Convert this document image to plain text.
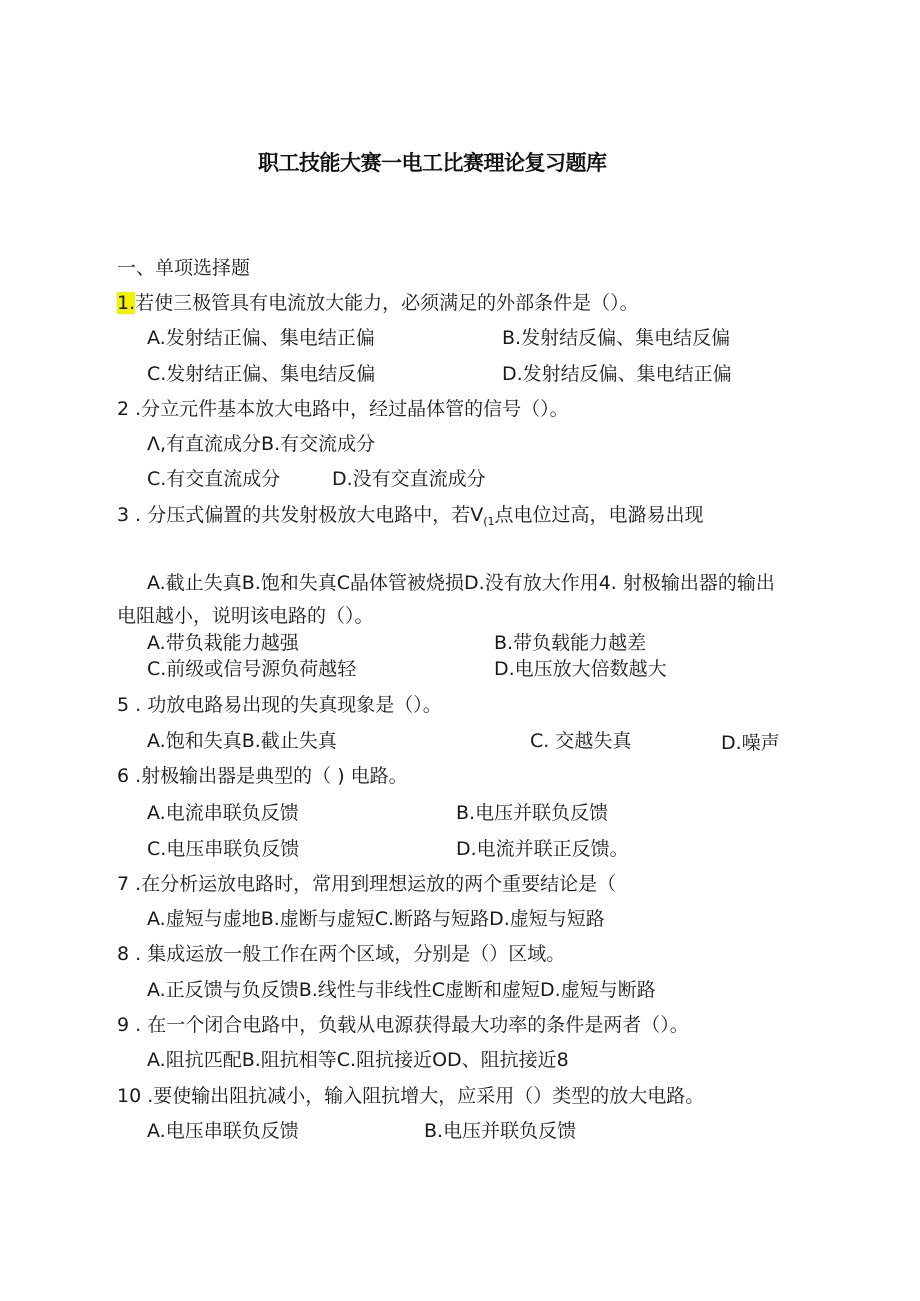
职工技能大赛一电工比赛理论复习题库
一、单项选择题
1.若使三极管具有电流放大能力，必须满足的外部条件是（）。
A.发射结正偏、集电结正偏	B.发射结反偏、集电结反偏
C.发射结正偏、集电结反偏	D.发射结反偏、集电结正偏
2 .分立元件基本放大电路中，经过晶体管的信号（）。
Λ,有直流成分B.有交流成分
C.有交直流成分	D.没有交直流成分
3 . 分压式偏置的共发射极放大电路中，若$V_{(1}$点电位过高，电潞易出现
A.截止失真B.饱和失真C晶体管被烧损D.没有放大作用4. 射极输出器的输出
电阻越小，说明该电路的（）。
A.带负栽能力越强	B.带负载能力越差
C.前级或信号源负荷越轻	D.电压放大倍数越大
5 . 功放电路易出现的失真现象是（）。
A.饱和失真B.截止失真	C. 交越失真	D.噪声
6 .射极输出器是典型的（ ) 电路。
A.电流串联负反馈	B.电压并联负反馈
C.电压串联负反馈	D.电流并联正反馈。
7 .在分析运放电路时，常用到理想运放的两个重要结论是（
A.虚短与虚地B.虚断与虚短C.断路与短路D.虚短与短路
8 . 集成运放一般工作在两个区域，分别是（）区域。
A.正反馈与负反馈B.线性与非线性C虚断和虚短D.虚短与断路
9 . 在一个闭合电路中，负载从电源获得最大功率的条件是两者（）。
A.阻抗匹配B.阻抗相等C.阻抗接近OD、阻抗接近8
10 .要使输出阻抗减小，输入阻抗增大，应采用（）类型的放大电路。
A.电压串联负反馈	B.电压并联负反馈
